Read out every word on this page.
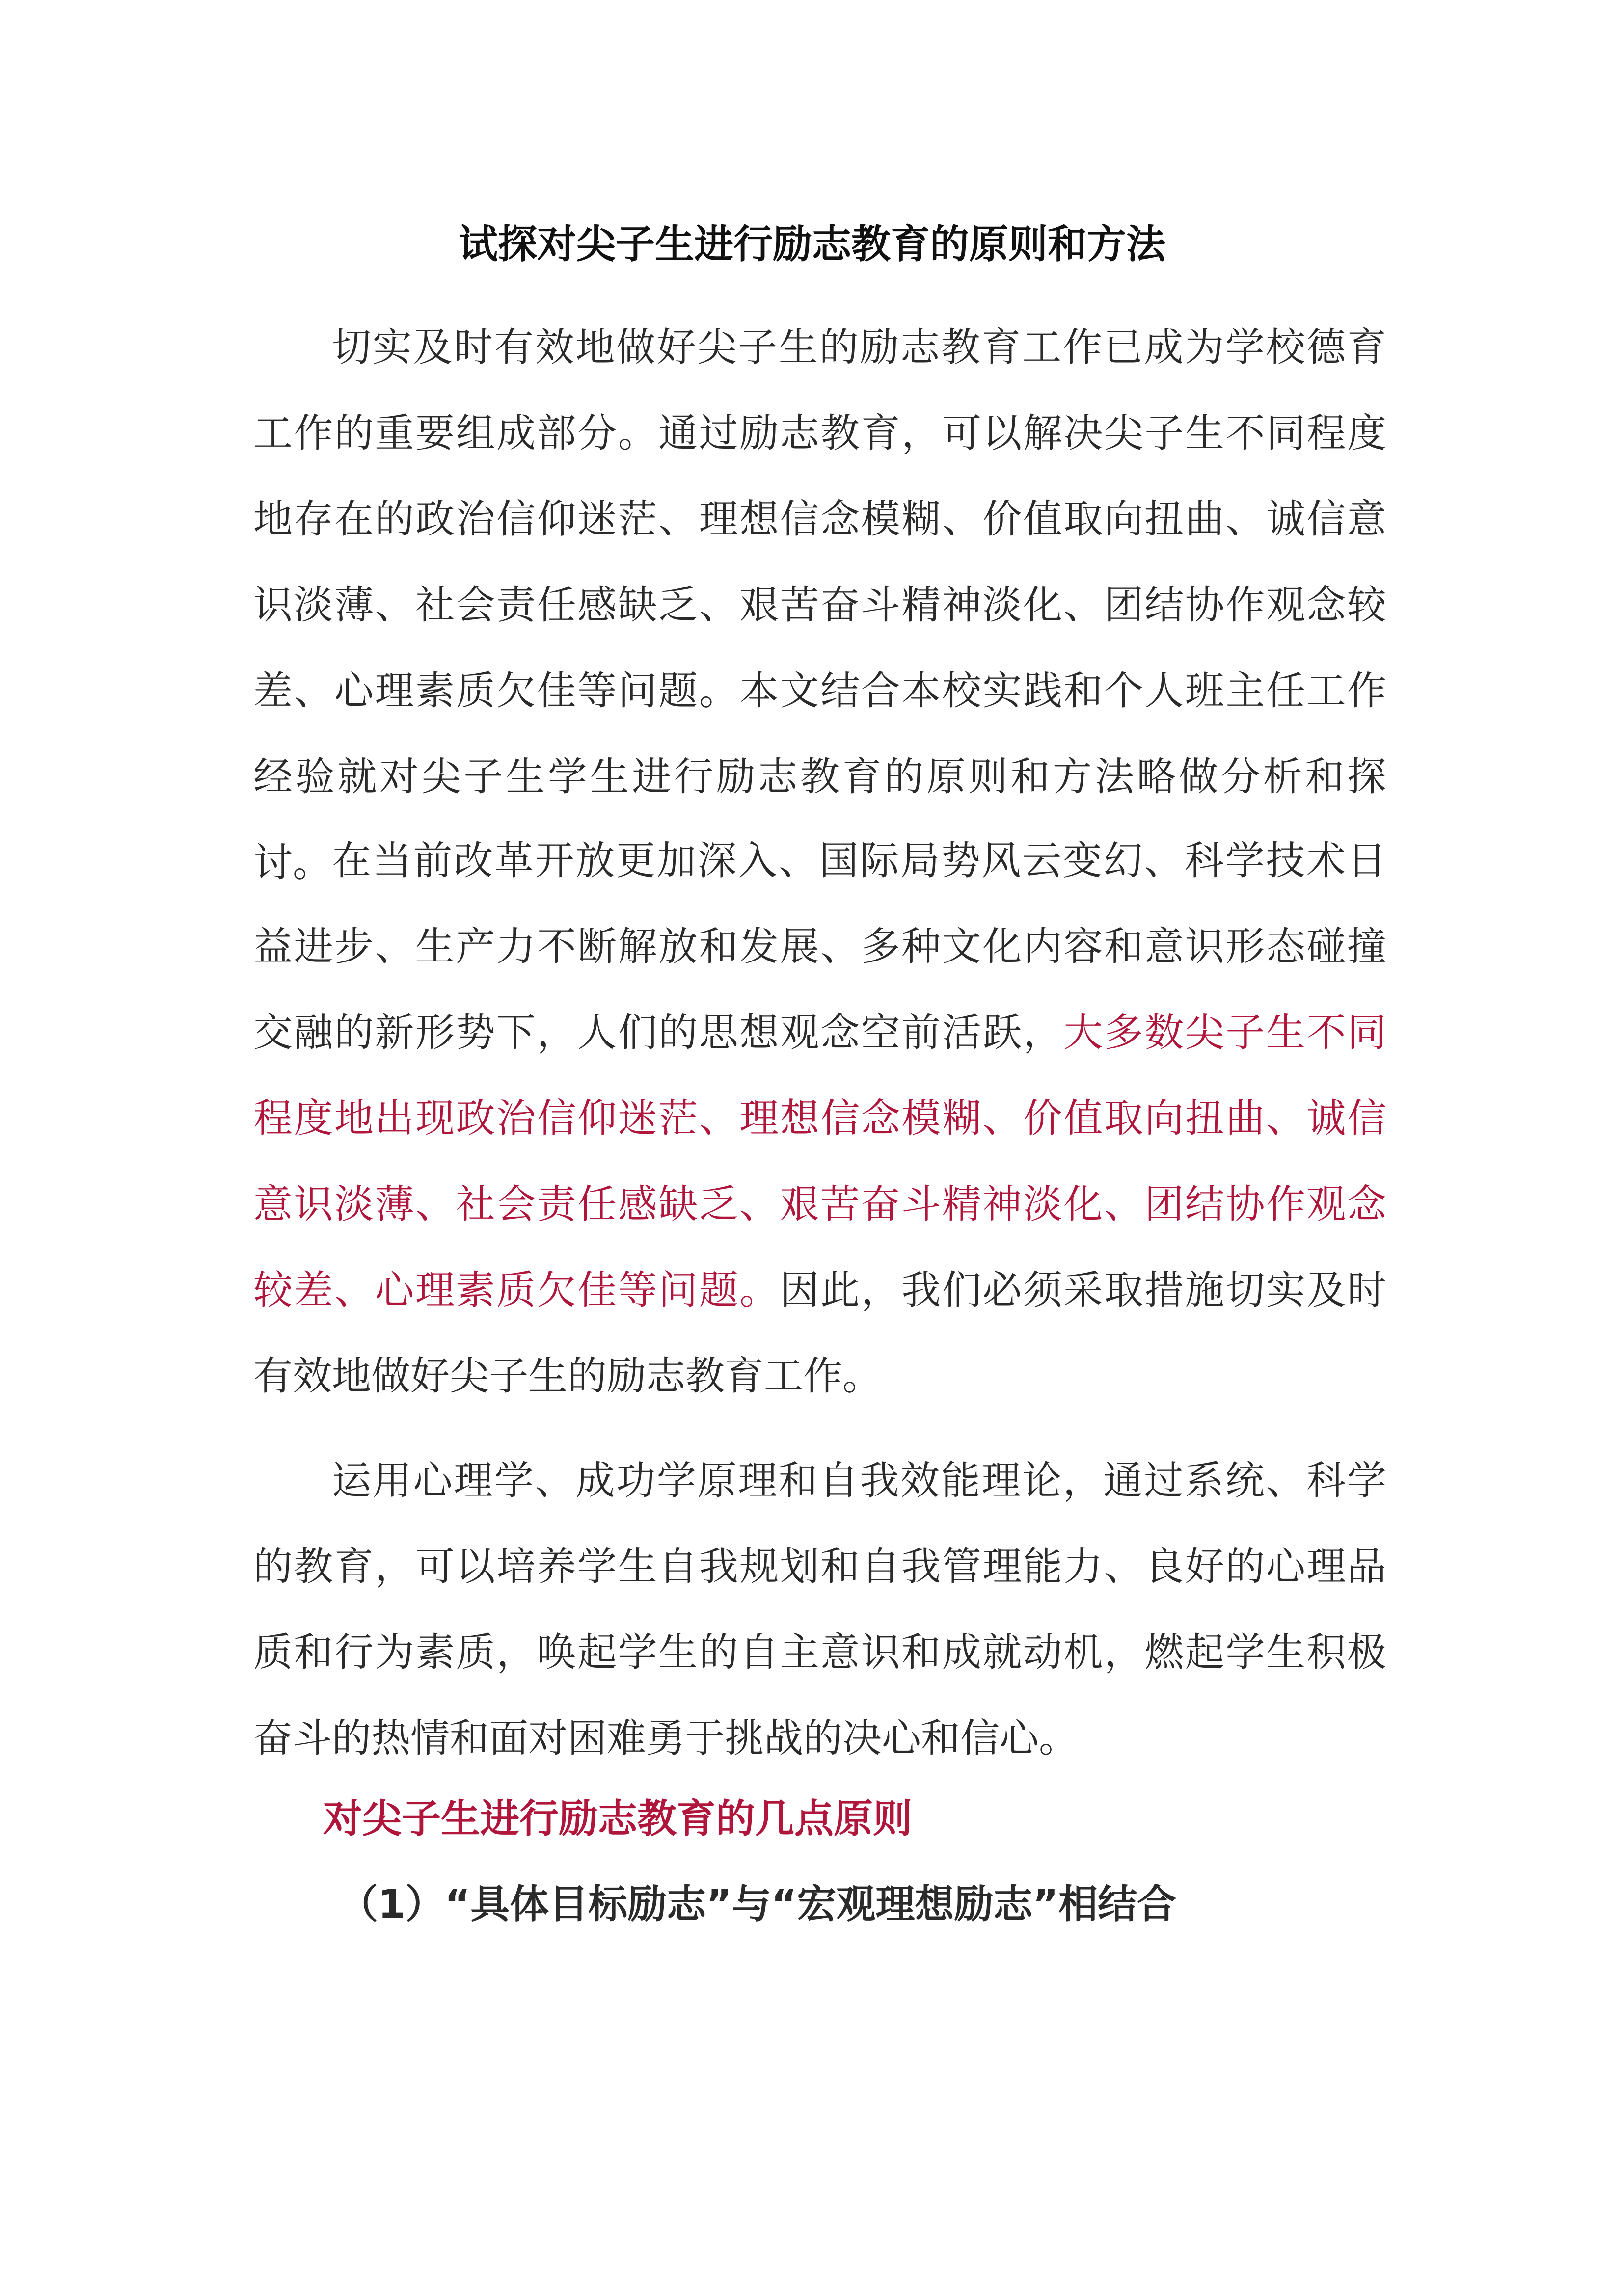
试探对尖子生进行励志教育的原则和方法

切实及时有效地做好尖子生的励志教育工作已成为学校德育工作的重要组成部分。通过励志教育，可以解决尖子生不同程度地存在的政治信仰迷茫、理想信念模糊、价值取向扭曲、诚信意识淡薄、社会责任感缺乏、艰苦奋斗精神淡化、团结协作观念较差、心理素质欠佳等问题。本文结合本校实践和个人班主任工作经验就对尖子生学生进行励志教育的原则和方法略做分析和探讨。 在当前改革开放更加深入、国际局势风云变幻、科学技术日益进步、生产力不断解放和发展、多种文化内容和意识形态碰撞交融的新形势下，人们的思想观念空前活跃，大多数尖子生不同程度地出现政治信仰迷茫、理想信念模糊、价值取向扭曲、诚信意识淡薄、社会责任感缺乏、艰苦奋斗精神淡化、团结协作观念较差、心理素质欠佳等问题。因此，我们必须采取措施切实及时有效地做好尖子生的励志教育工作。

运用心理学、成功学原理和自我效能理论，通过系统、科学的教育，可以培养学生自我规划和自我管理能力、良好的心理品质和行为素质，唤起学生的自主意识和成就动机，燃起学生积极奋斗的热情和面对困难勇于挑战的决心和信心。

对尖子生进行励志教育的几点原则
（1）“具体目标励志”与“宏观理想励志”相结合
